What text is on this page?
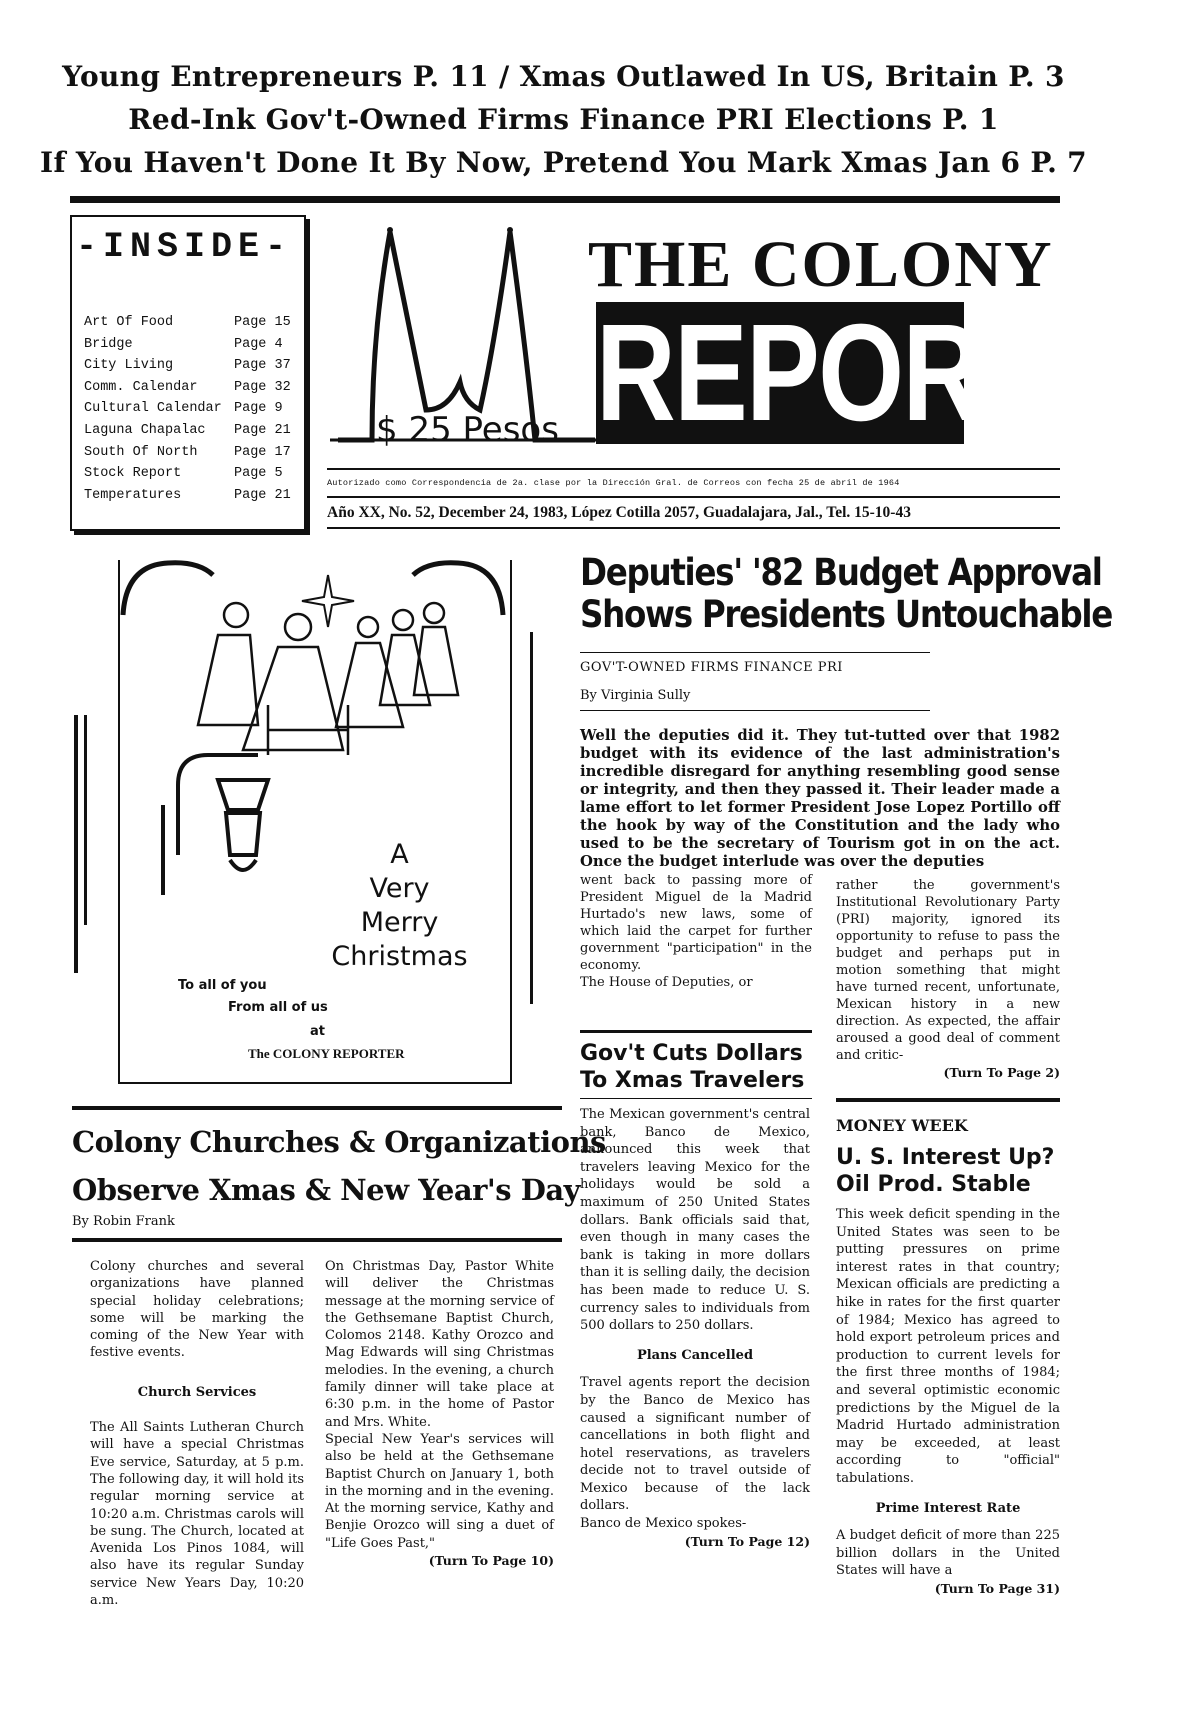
Young Entrepreneurs P. 11 / Xmas Outlawed In US, Britain P. 3
Red-Ink Gov't-Owned Firms Finance PRI Elections P. 1
If You Haven't Done It By Now, Pretend You Mark Xmas Jan 6 P. 7
-INSIDE-
Art Of Food	Page 15
Bridge	Page 4
City Living	Page 37
Comm. Calendar	Page 32
Cultural Calendar Page 9
Laguna Chapalac Page 21
South Of North	Page 17
Stock Report	Page 5
Temperatures	Page 21
$ 25 Pesos
THE COLONY
REPORTER
Autorizado como Correspondencia de 2a. clase por la Dirección Gral. de Correos con fecha 25 de abril de 1964
Año XX, No. 52, December 24, 1983, López Cotilla 2057, Guadalajara, Jal., Tel. 15-10-43
A
Very
Merry
Christmas
To all of you
From all of us
at
The COLONY REPORTER
Deputies' '82 Budget Approval
Shows Presidents Untouchable
GOV'T-OWNED FIRMS FINANCE PRI
By Virginia Sully
Well the deputies did it. They tut-tutted over that 1982 budget with its evidence of the last administration's incredible disregard for anything resembling good sense or integrity, and then they passed it. Their leader made a lame effort to let former President Jose Lopez Portillo off the hook by way of the Constitution and the lady who used to be the secretary of Tourism got in on the act. Once the budget interlude was over the deputies
went back to passing more of President Miguel de la Madrid Hurtado's new laws, some of which laid the carpet for further government "participation" in the economy.
The House of Deputies, or
rather the government's Institutional Revolutionary Party (PRI) majority, ignored its opportunity to refuse to pass the budget and perhaps put in motion something that might have turned recent, unfortunate, Mexican history in a new direction. As expected, the affair aroused a good deal of comment and critic-
(Turn To Page 2)
Gov't Cuts Dollars
To Xmas Travelers
The Mexican government's central bank, Banco de Mexico, announced this week that travelers leaving Mexico for the holidays would be sold a maximum of 250 United States dollars. Bank officials said that, even though in many cases the bank is taking in more dollars than it is selling daily, the decision has been made to reduce U. S. currency sales to individuals from 500 dollars to 250 dollars.
Plans Cancelled
Travel agents report the decision by the Banco de Mexico has caused a significant number of cancellations in both flight and hotel reservations, as travelers decide not to travel outside of Mexico because of the lack dollars.
Banco de Mexico spokes-
(Turn To Page 12)
MONEY WEEK
U. S. Interest Up?
Oil Prod. Stable
This week deficit spending in the United States was seen to be putting pressures on prime interest rates in that country; Mexican officials are predicting a hike in rates for the first quarter of 1984; Mexico has agreed to hold export petroleum prices and production to current levels for the first three months of 1984; and several optimistic economic predictions by the Miguel de la Madrid Hurtado administration may be exceeded, at least according to "official" tabulations.
Prime Interest Rate
A budget deficit of more than 225 billion dollars in the United States will have a
(Turn To Page 31)
Colony Churches & Organizations
Observe Xmas & New Year's Day
By Robin Frank
Colony churches and several organizations have planned special holiday celebrations; some will be marking the coming of the New Year with festive events.
Church Services
The All Saints Lutheran Church will have a special Christmas Eve service, Saturday, at 5 p.m. The following day, it will hold its regular morning service at 10:20 a.m. Christmas carols will be sung. The Church, located at Avenida Los Pinos 1084, will also have its regular Sunday service New Years Day, 10:20 a.m.
On Christmas Day, Pastor White will deliver the Christmas message at the morning service of the Gethsemane Baptist Church, Colomos 2148. Kathy Orozco and Mag Edwards will sing Christmas melodies. In the evening, a church family dinner will take place at 6:30 p.m. in the home of Pastor and Mrs. White.
Special New Year's services will also be held at the Gethsemane Baptist Church on January 1, both in the morning and in the evening. At the morning service, Kathy and Benjie Orozco will sing a duet of "Life Goes Past,"
(Turn To Page 10)
